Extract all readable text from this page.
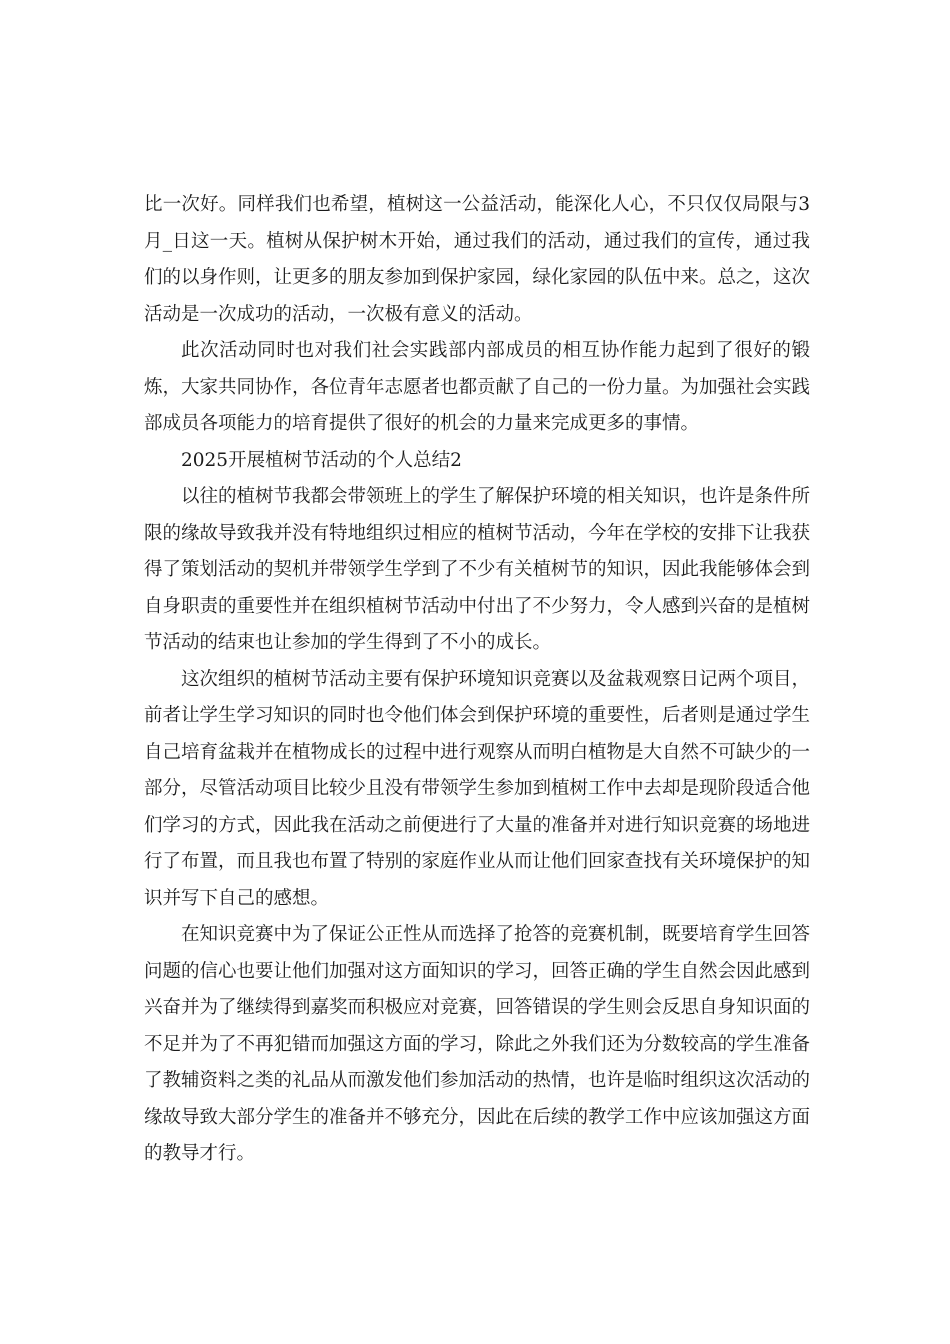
比一次好。同样我们也希望，植树这一公益活动，能深化人心，不只仅仅局限与3月_日这一天。植树从保护树木开始，通过我们的活动，通过我们的宣传，通过我们的以身作则，让更多的朋友参加到保护家园，绿化家园的队伍中来。总之，这次活动是一次成功的活动，一次极有意义的活动。

此次活动同时也对我们社会实践部内部成员的相互协作能力起到了很好的锻炼，大家共同协作，各位青年志愿者也都贡献了自己的一份力量。为加强社会实践部成员各项能力的培育提供了很好的机会的力量来完成更多的事情。

2025开展植树节活动的个人总结2

以往的植树节我都会带领班上的学生了解保护环境的相关知识，也许是条件所限的缘故导致我并没有特地组织过相应的植树节活动，今年在学校的安排下让我获得了策划活动的契机并带领学生学到了不少有关植树节的知识，因此我能够体会到自身职责的重要性并在组织植树节活动中付出了不少努力，令人感到兴奋的是植树节活动的结束也让参加的学生得到了不小的成长。

这次组织的植树节活动主要有保护环境知识竞赛以及盆栽观察日记两个项目，前者让学生学习知识的同时也令他们体会到保护环境的重要性，后者则是通过学生自己培育盆栽并在植物成长的过程中进行观察从而明白植物是大自然不可缺少的一部分，尽管活动项目比较少且没有带领学生参加到植树工作中去却是现阶段适合他们学习的方式，因此我在活动之前便进行了大量的准备并对进行知识竞赛的场地进行了布置，而且我也布置了特别的家庭作业从而让他们回家查找有关环境保护的知识并写下自己的感想。

在知识竞赛中为了保证公正性从而选择了抢答的竞赛机制，既要培育学生回答问题的信心也要让他们加强对这方面知识的学习，回答正确的学生自然会因此感到兴奋并为了继续得到嘉奖而积极应对竞赛，回答错误的学生则会反思自身知识面的不足并为了不再犯错而加强这方面的学习，除此之外我们还为分数较高的学生准备了教辅资料之类的礼品从而激发他们参加活动的热情，也许是临时组织这次活动的缘故导致大部分学生的准备并不够充分，因此在后续的教学工作中应该加强这方面的教导才行。
